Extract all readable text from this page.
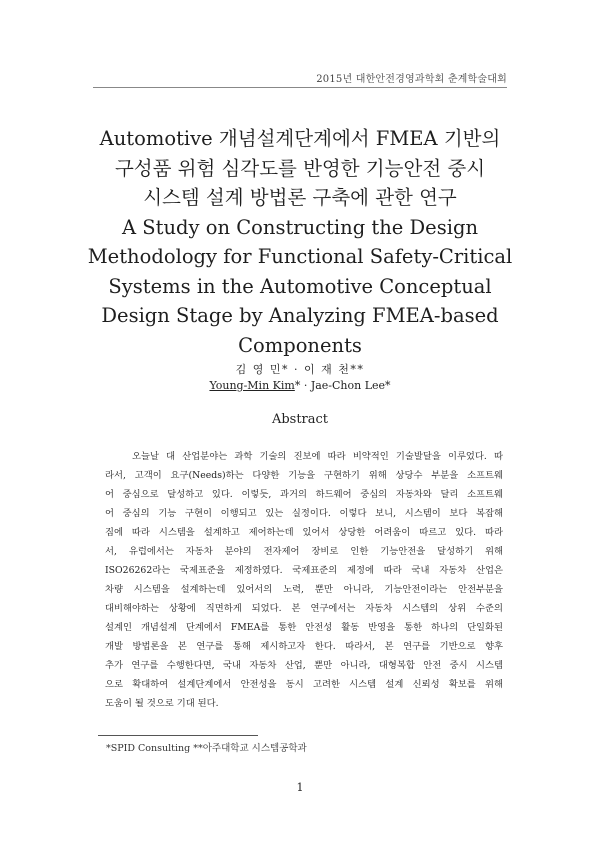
2015년 대한안전경영과학회 춘계학술대회
Automotive 개념설계단계에서 FMEA 기반의
구성품 위험 심각도를 반영한 기능안전 중시
시스템 설계 방법론 구축에 관한 연구
A Study on Constructing the Design
Methodology for Functional Safety-Critical
Systems in the Automotive Conceptual
Design Stage by Analyzing FMEA-based
Components
김 영 민* · 이 재 천**
Young-Min Kim* · Jae-Chon Lee*
Abstract
　　오늘날 대 산업분야는 과학 기술의 진보에 따라 비약적인 기술발달을 이루었다. 따
라서, 고객이 요구(Needs)하는 다양한 기능을 구현하기 위해 상당수 부분을 소프트웨
어 중심으로 달성하고 있다. 이렇듯, 과거의 하드웨어 중심의 자동차와 달리 소프트웨
어 중심의 기능 구현이 이행되고 있는 실정이다. 이렇다 보니, 시스템이 보다 복잡해
짐에 따라 시스템을 설계하고 제어하는데 있어서 상당한 어려움이 따르고 있다. 따라
서, 유럽에서는 자동차 분야의 전자제어 장비로 인한 기능안전을 달성하기 위해
ISO26262라는 국제표준을 제정하였다. 국제표준의 제정에 따라 국내 자동차 산업은
차량 시스템을 설계하는데 있어서의 노력, 뿐만 아니라, 기능안전이라는 안전부분을
대비해야하는 상황에 직면하게 되었다. 본 연구에서는 자동차 시스템의 상위 수준의
설계인 개념설계 단계에서 FMEA를 통한 안전성 활동 반영을 통한 하나의 단일화된
개발 방법론을 본 연구를 통해 제시하고자 한다. 따라서, 본 연구를 기반으로 향후
추가 연구를 수행한다면, 국내 자동차 산업, 뿐만 아니라, 대형복합 안전 중시 시스템
으로 확대하여 설계단계에서 안전성을 동시 고려한 시스템 설계 신뢰성 확보를 위해
도움이 될 것으로 기대 된다.
*SPID Consulting **아주대학교 시스템공학과
1
